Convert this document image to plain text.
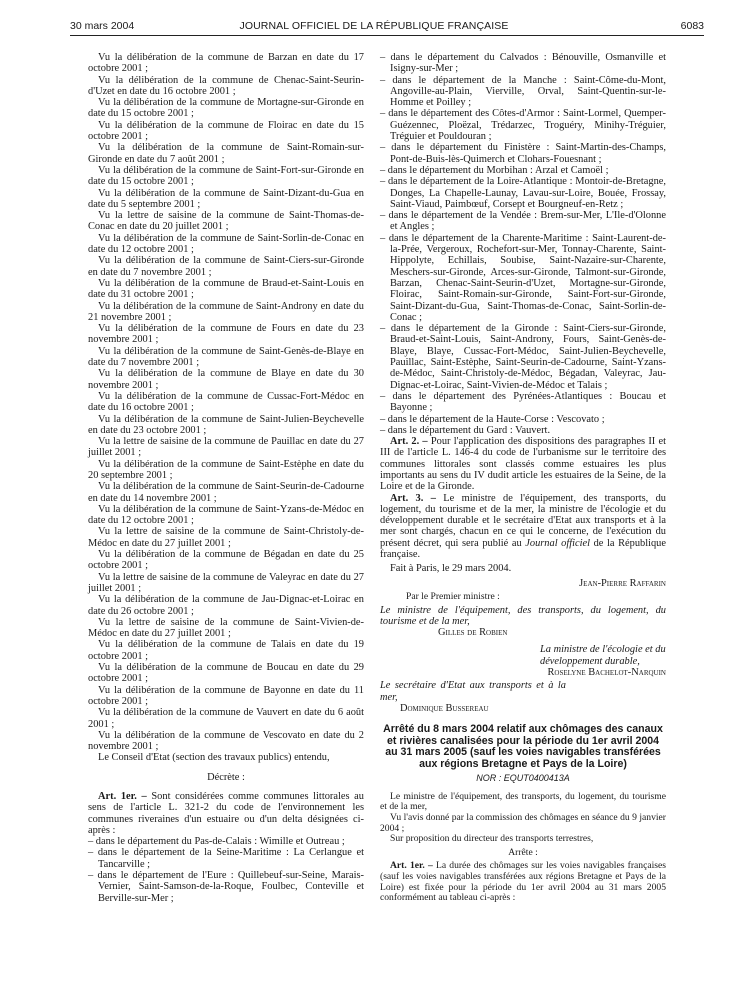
30 mars 2004	JOURNAL OFFICIEL DE LA RÉPUBLIQUE FRANÇAISE	6083

Vu la délibération de la commune de Barzan en date du 17 octobre 2001 ;

Vu la délibération de la commune de Chenac-Saint-Seurin-d'Uzet en date du 16 octobre 2001 ;

Vu la délibération de la commune de Mortagne-sur-Gironde en date du 15 octobre 2001 ;

Vu la délibération de la commune de Floirac en date du 15 octobre 2001 ;

Vu la délibération de la commune de Saint-Romain-sur-Gironde en date du 7 août 2001 ;

Vu la délibération de la commune de Saint-Fort-sur-Gironde en date du 15 octobre 2001 ;

Vu la délibération de la commune de Saint-Dizant-du-Gua en date du 5 septembre 2001 ;

Vu la lettre de saisine de la commune de Saint-Thomas-de-Conac en date du 20 juillet 2001 ;

Vu la délibération de la commune de Saint-Sorlin-de-Conac en date du 12 octobre 2001 ;

Vu la délibération de la commune de Saint-Ciers-sur-Gironde en date du 7 novembre 2001 ;

Vu la délibération de la commune de Braud-et-Saint-Louis en date du 31 octobre 2001 ;

Vu la délibération de la commune de Saint-Androny en date du 21 novembre 2001 ;

Vu la délibération de la commune de Fours en date du 23 novembre 2001 ;

Vu la délibération de la commune de Saint-Genès-de-Blaye en date du 7 novembre 2001 ;

Vu la délibération de la commune de Blaye en date du 30 novembre 2001 ;

Vu la délibération de la commune de Cussac-Fort-Médoc en date du 16 octobre 2001 ;

Vu la délibération de la commune de Saint-Julien-Beychevelle en date du 23 octobre 2001 ;

Vu la lettre de saisine de la commune de Pauillac en date du 27 juillet 2001 ;

Vu la délibération de la commune de Saint-Estèphe en date du 20 septembre 2001 ;

Vu la délibération de la commune de Saint-Seurin-de-Cadourne en date du 14 novembre 2001 ;

Vu la délibération de la commune de Saint-Yzans-de-Médoc en date du 12 octobre 2001 ;

Vu la lettre de saisine de la commune de Saint-Christoly-de-Médoc en date du 27 juillet 2001 ;

Vu la délibération de la commune de Bégadan en date du 25 octobre 2001 ;

Vu la lettre de saisine de la commune de Valeyrac en date du 27 juillet 2001 ;

Vu la délibération de la commune de Jau-Dignac-et-Loirac en date du 26 octobre 2001 ;

Vu la lettre de saisine de la commune de Saint-Vivien-de-Médoc en date du 27 juillet 2001 ;

Vu la délibération de la commune de Talais en date du 19 octobre 2001 ;

Vu la délibération de la commune de Boucau en date du 29 octobre 2001 ;

Vu la délibération de la commune de Bayonne en date du 11 octobre 2001 ;

Vu la délibération de la commune de Vauvert en date du 6 août 2001 ;

Vu la délibération de la commune de Vescovato en date du 2 novembre 2001 ;

Le Conseil d'Etat (section des travaux publics) entendu,

Décrète :

Art. 1er. – Sont considérées comme communes littorales au sens de l'article L. 321-2 du code de l'environnement les communes riveraines d'un estuaire ou d'un delta désignées ci-après :

– dans le département du Pas-de-Calais : Wimille et Outreau ;

– dans le département de la Seine-Maritime : La Cerlangue et Tancarville ;

– dans le département de l'Eure : Quillebeuf-sur-Seine, Marais-Vernier, Saint-Samson-de-la-Roque, Foulbec, Conteville et Berville-sur-Mer ;

– dans le département du Calvados : Bénouville, Osmanville et Isigny-sur-Mer ;

– dans le département de la Manche : Saint-Côme-du-Mont, Angoville-au-Plain, Vierville, Orval, Saint-Quentin-sur-le-Homme et Poilley ;

– dans le département des Côtes-d'Armor : Saint-Lormel, Quemper-Guézennec, Ploëzal, Trédarzec, Troguéry, Minihy-Tréguier, Tréguier et Pouldouran ;

– dans le département du Finistère : Saint-Martin-des-Champs, Pont-de-Buis-lès-Quimerch et Clohars-Fouesnant ;

– dans le département du Morbihan : Arzal et Camoël ;

– dans le département de la Loire-Atlantique : Montoir-de-Bretagne, Donges, La Chapelle-Launay, Lavau-sur-Loire, Bouée, Frossay, Saint-Viaud, Paimbœuf, Corsept et Bourgneuf-en-Retz ;

– dans le département de la Vendée : Brem-sur-Mer, L'Ile-d'Olonne et Angles ;

– dans le département de la Charente-Maritime : Saint-Laurent-de-la-Prée, Vergeroux, Rochefort-sur-Mer, Tonnay-Charente, Saint-Hippolyte, Echillais, Soubise, Saint-Nazaire-sur-Charente, Meschers-sur-Gironde, Arces-sur-Gironde, Talmont-sur-Gironde, Barzan, Chenac-Saint-Seurin-d'Uzet, Mortagne-sur-Gironde, Floirac, Saint-Romain-sur-Gironde, Saint-Fort-sur-Gironde, Saint-Dizant-du-Gua, Saint-Thomas-de-Conac, Saint-Sorlin-de-Conac ;

– dans le département de la Gironde : Saint-Ciers-sur-Gironde, Braud-et-Saint-Louis, Saint-Androny, Fours, Saint-Genès-de-Blaye, Blaye, Cussac-Fort-Médoc, Saint-Julien-Beychevelle, Pauillac, Saint-Estèphe, Saint-Seurin-de-Cadourne, Saint-Yzans-de-Médoc, Saint-Christoly-de-Médoc, Bégadan, Valeyrac, Jau-Dignac-et-Loirac, Saint-Vivien-de-Médoc et Talais ;

– dans le département des Pyrénées-Atlantiques : Boucau et Bayonne ;

– dans le département de la Haute-Corse : Vescovato ;

– dans le département du Gard : Vauvert.

Art. 2. – Pour l'application des dispositions des paragraphes II et III de l'article L. 146-4 du code de l'urbanisme sur le territoire des communes littorales sont classés comme estuaires les plus importants au sens du IV dudit article les estuaires de la Seine, de la Loire et de la Gironde.

Art. 3. – Le ministre de l'équipement, des transports, du logement, du tourisme et de la mer, la ministre de l'écologie et du développement durable et le secrétaire d'Etat aux transports et à la mer sont chargés, chacun en ce qui le concerne, de l'exécution du présent décret, qui sera publié au Journal officiel de la République française.

Fait à Paris, le 29 mars 2004.

Jean-Pierre Raffarin

Par le Premier ministre :

Le ministre de l'équipement, des transports, du logement, du tourisme et de la mer,

Gilles de Robien

La ministre de l'écologie et du développement durable,

Roselyne Bachelot-Narquin

Le secrétaire d'Etat aux transports et à la mer,

Dominique Bussereau

Arrêté du 8 mars 2004 relatif aux chômages des canaux et rivières canalisées pour la période du 1er avril 2004 au 31 mars 2005 (sauf les voies navigables transférées aux régions Bretagne et Pays de la Loire)

NOR : EQUT0400413A

Le ministre de l'équipement, des transports, du logement, du tourisme et de la mer,

Vu l'avis donné par la commission des chômages en séance du 9 janvier 2004 ;

Sur proposition du directeur des transports terrestres,

Arrête :

Art. 1er. – La durée des chômages sur les voies navigables françaises (sauf les voies navigables transférées aux régions Bretagne et Pays de la Loire) est fixée pour la période du 1er avril 2004 au 31 mars 2005 conformément au tableau ci-après :
